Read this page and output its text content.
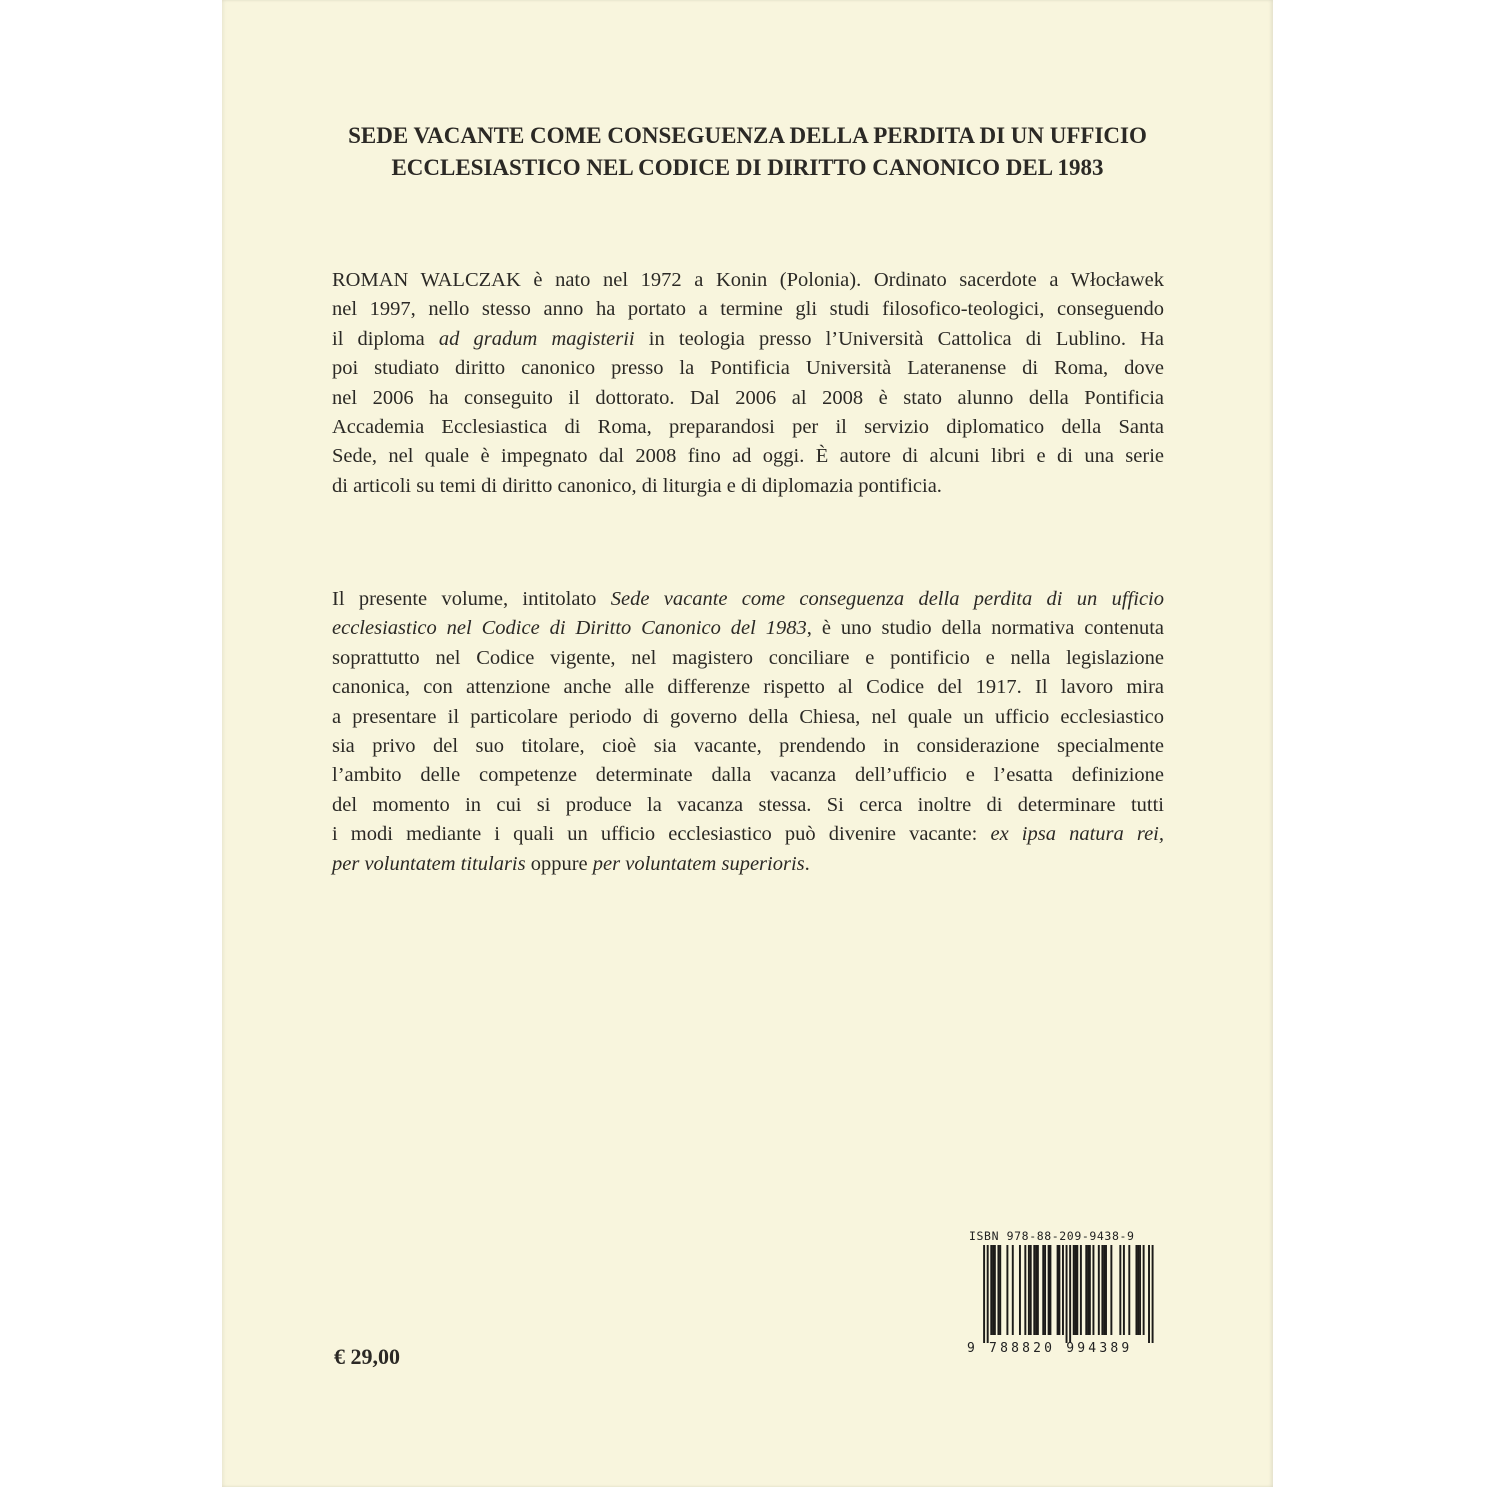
SEDE VACANTE COME CONSEGUENZA DELLA PERDITA DI UN UFFICIO
ECCLESIASTICO NEL CODICE DI DIRITTO CANONICO DEL 1983
ROMAN WALCZAK è nato nel 1972 a Konin (Polonia). Ordinato sacerdote a Włocławek
nel 1997, nello stesso anno ha portato a termine gli studi filosofico-teologici, conseguendo
il diploma ad gradum magisterii in teologia presso l’Università Cattolica di Lublino. Ha
poi studiato diritto canonico presso la Pontificia Università Lateranense di Roma, dove
nel 2006 ha conseguito il dottorato. Dal 2006 al 2008 è stato alunno della Pontificia
Accademia Ecclesiastica di Roma, preparandosi per il servizio diplomatico della Santa
Sede, nel quale è impegnato dal 2008 fino ad oggi. È autore di alcuni libri e di una serie
di articoli su temi di diritto canonico, di liturgia e di diplomazia pontificia.
Il presente volume, intitolato Sede vacante come conseguenza della perdita di un ufficio
ecclesiastico nel Codice di Diritto Canonico del 1983, è uno studio della normativa contenuta
soprattutto nel Codice vigente, nel magistero conciliare e pontificio e nella legislazione
canonica, con attenzione anche alle differenze rispetto al Codice del 1917. Il lavoro mira
a presentare il particolare periodo di governo della Chiesa, nel quale un ufficio ecclesiastico
sia privo del suo titolare, cioè sia vacante, prendendo in considerazione specialmente
l’ambito delle competenze determinate dalla vacanza dell’ufficio e l’esatta definizione
del momento in cui si produce la vacanza stessa. Si cerca inoltre di determinare tutti
i modi mediante i quali un ufficio ecclesiastico può divenire vacante: ex ipsa natura rei,
per voluntatem titularis oppure per voluntatem superioris.
€ 29,00
ISBN 978-88-209-9438-9
9 788820 994389
